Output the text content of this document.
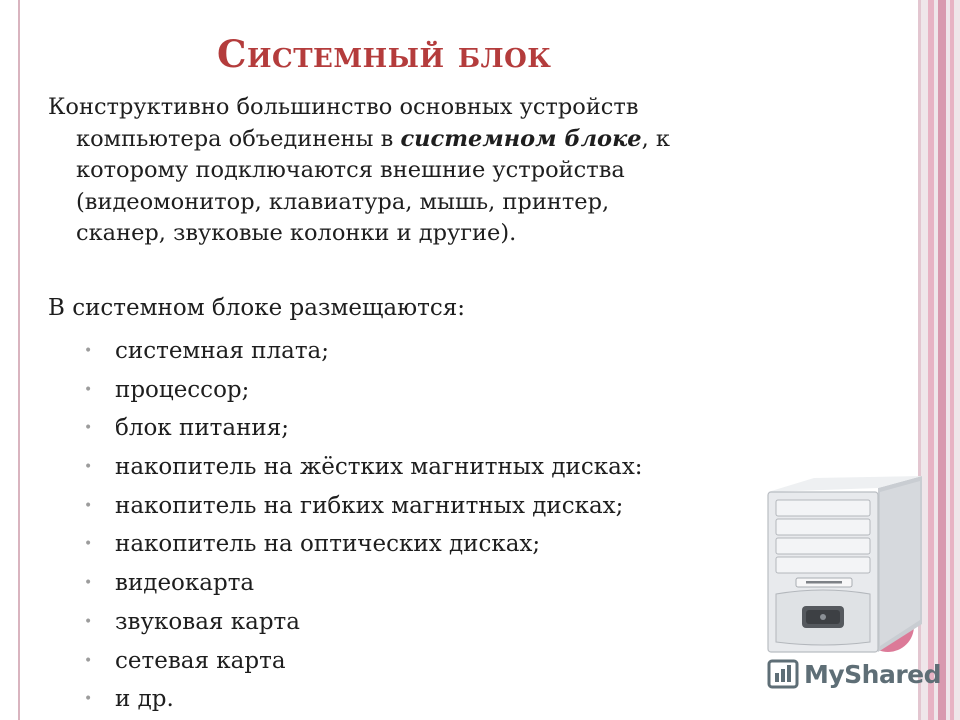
Системный блок
Конструктивно большинство основных устройств
компьютера объединены в системном блоке, к
которому подключаются внешние устройства
(видеомонитор, клавиатура, мышь, принтер,
сканер, звуковые колонки и другие).
В системном блоке размещаются:
• системная плата;
• процессор;
• блок питания;
• накопитель на жёстких магнитных дисках:
• накопитель на гибких магнитных дисках;
• накопитель на оптических дисках;
• видеокарта
• звуковая карта
• сетевая карта
• и др.
MyShared
